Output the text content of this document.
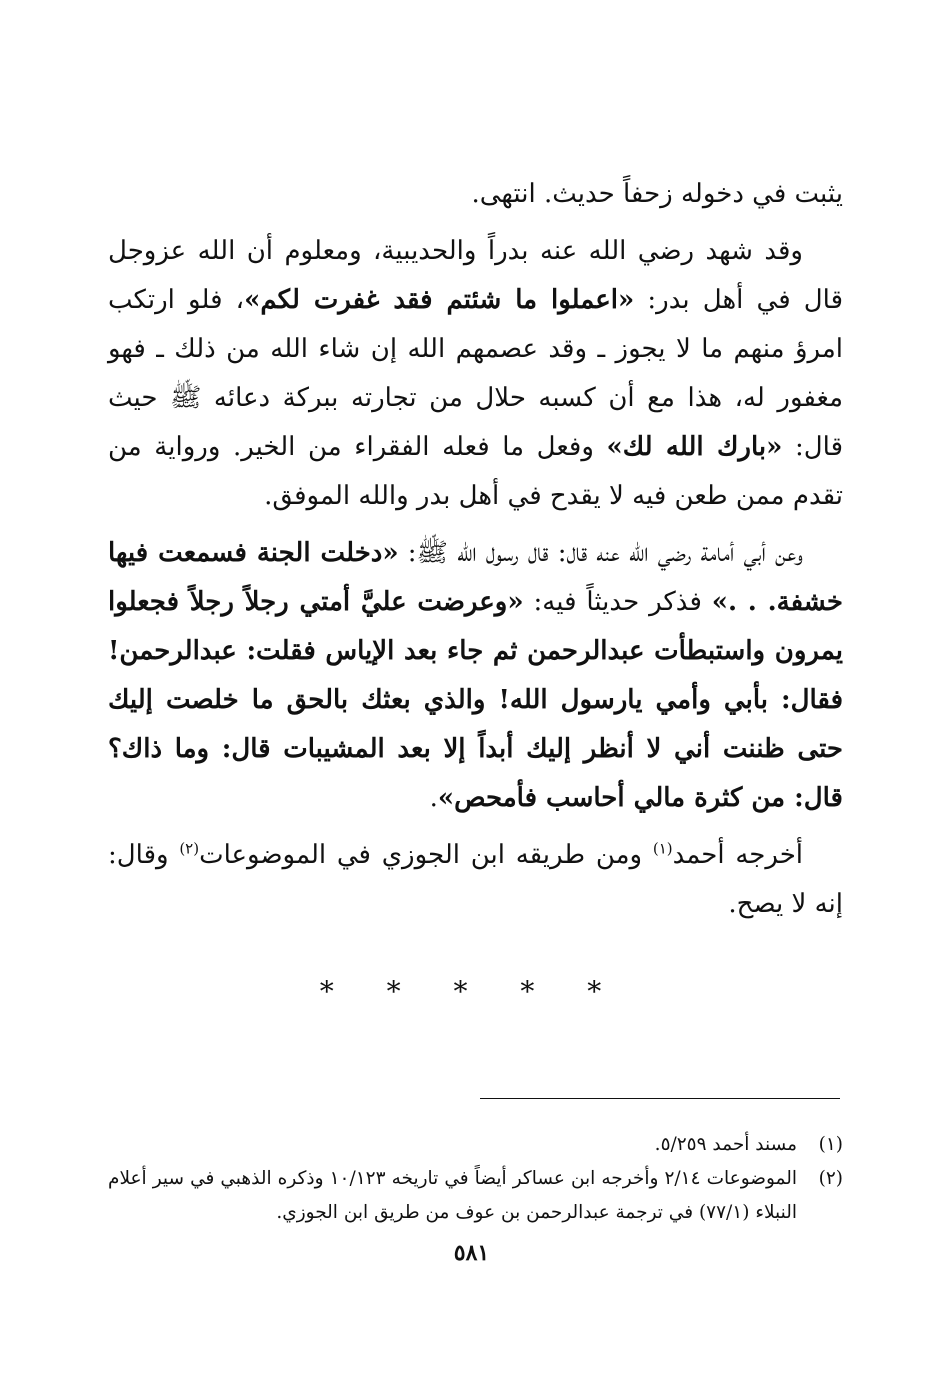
يثبت في دخوله زحفاً حديث. انتهى.

وقد شهد رضي الله عنه بدراً والحديبية، ومعلوم أن الله عزوجل قال في أهل بدر: «اعملوا ما شئتم فقد غفرت لكم»، فلو ارتكب امرؤ منهم ما لا يجوز ـ وقد عصمهم الله إن شاء الله من ذلك ـ فهو مغفور له، هذا مع أن كسبه حلال من تجارته ببركة دعائه ﷺ حيث قال: «بارك الله لك» وفعل ما فعله الفقراء من الخير. ورواية من تقدم ممن طعن فيه لا يقدح في أهل بدر والله الموفق.

وعن أبي أمامة رضي الله عنه قال: قال رسول الله ﷺ: «دخلت الجنة فسمعت فيها خشفة. . .» فذكر حديثاً فيه: «وعرضت عليَّ أمتي رجلاً رجلاً فجعلوا يمرون واستبطأت عبدالرحمن ثم جاء بعد الإياس فقلت: عبدالرحمن! فقال: بأبي وأمي يارسول الله! والذي بعثك بالحق ما خلصت إليك حتى ظننت أني لا أنظر إليك أبداً إلا بعد المشيبات قال: وما ذاك؟ قال: من كثرة مالي أحاسب فأمحص».

أخرجه أحمد$^{(١)}$ ومن طريقه ابن الجوزي في الموضوعات$^{(٢)}$ وقال: إنه لا يصح.

* * * * *
(١)
مسند أحمد ٥/٢٥٩.
(٢)
الموضوعات ٢/١٤ وأخرجه ابن عساكر أيضاً في تاريخه ١٠/١٢٣ وذكره الذهبي في سير أعلام النبلاء (٧٧/١) في ترجمة عبدالرحمن بن عوف من طريق ابن الجوزي.
٥٨١
